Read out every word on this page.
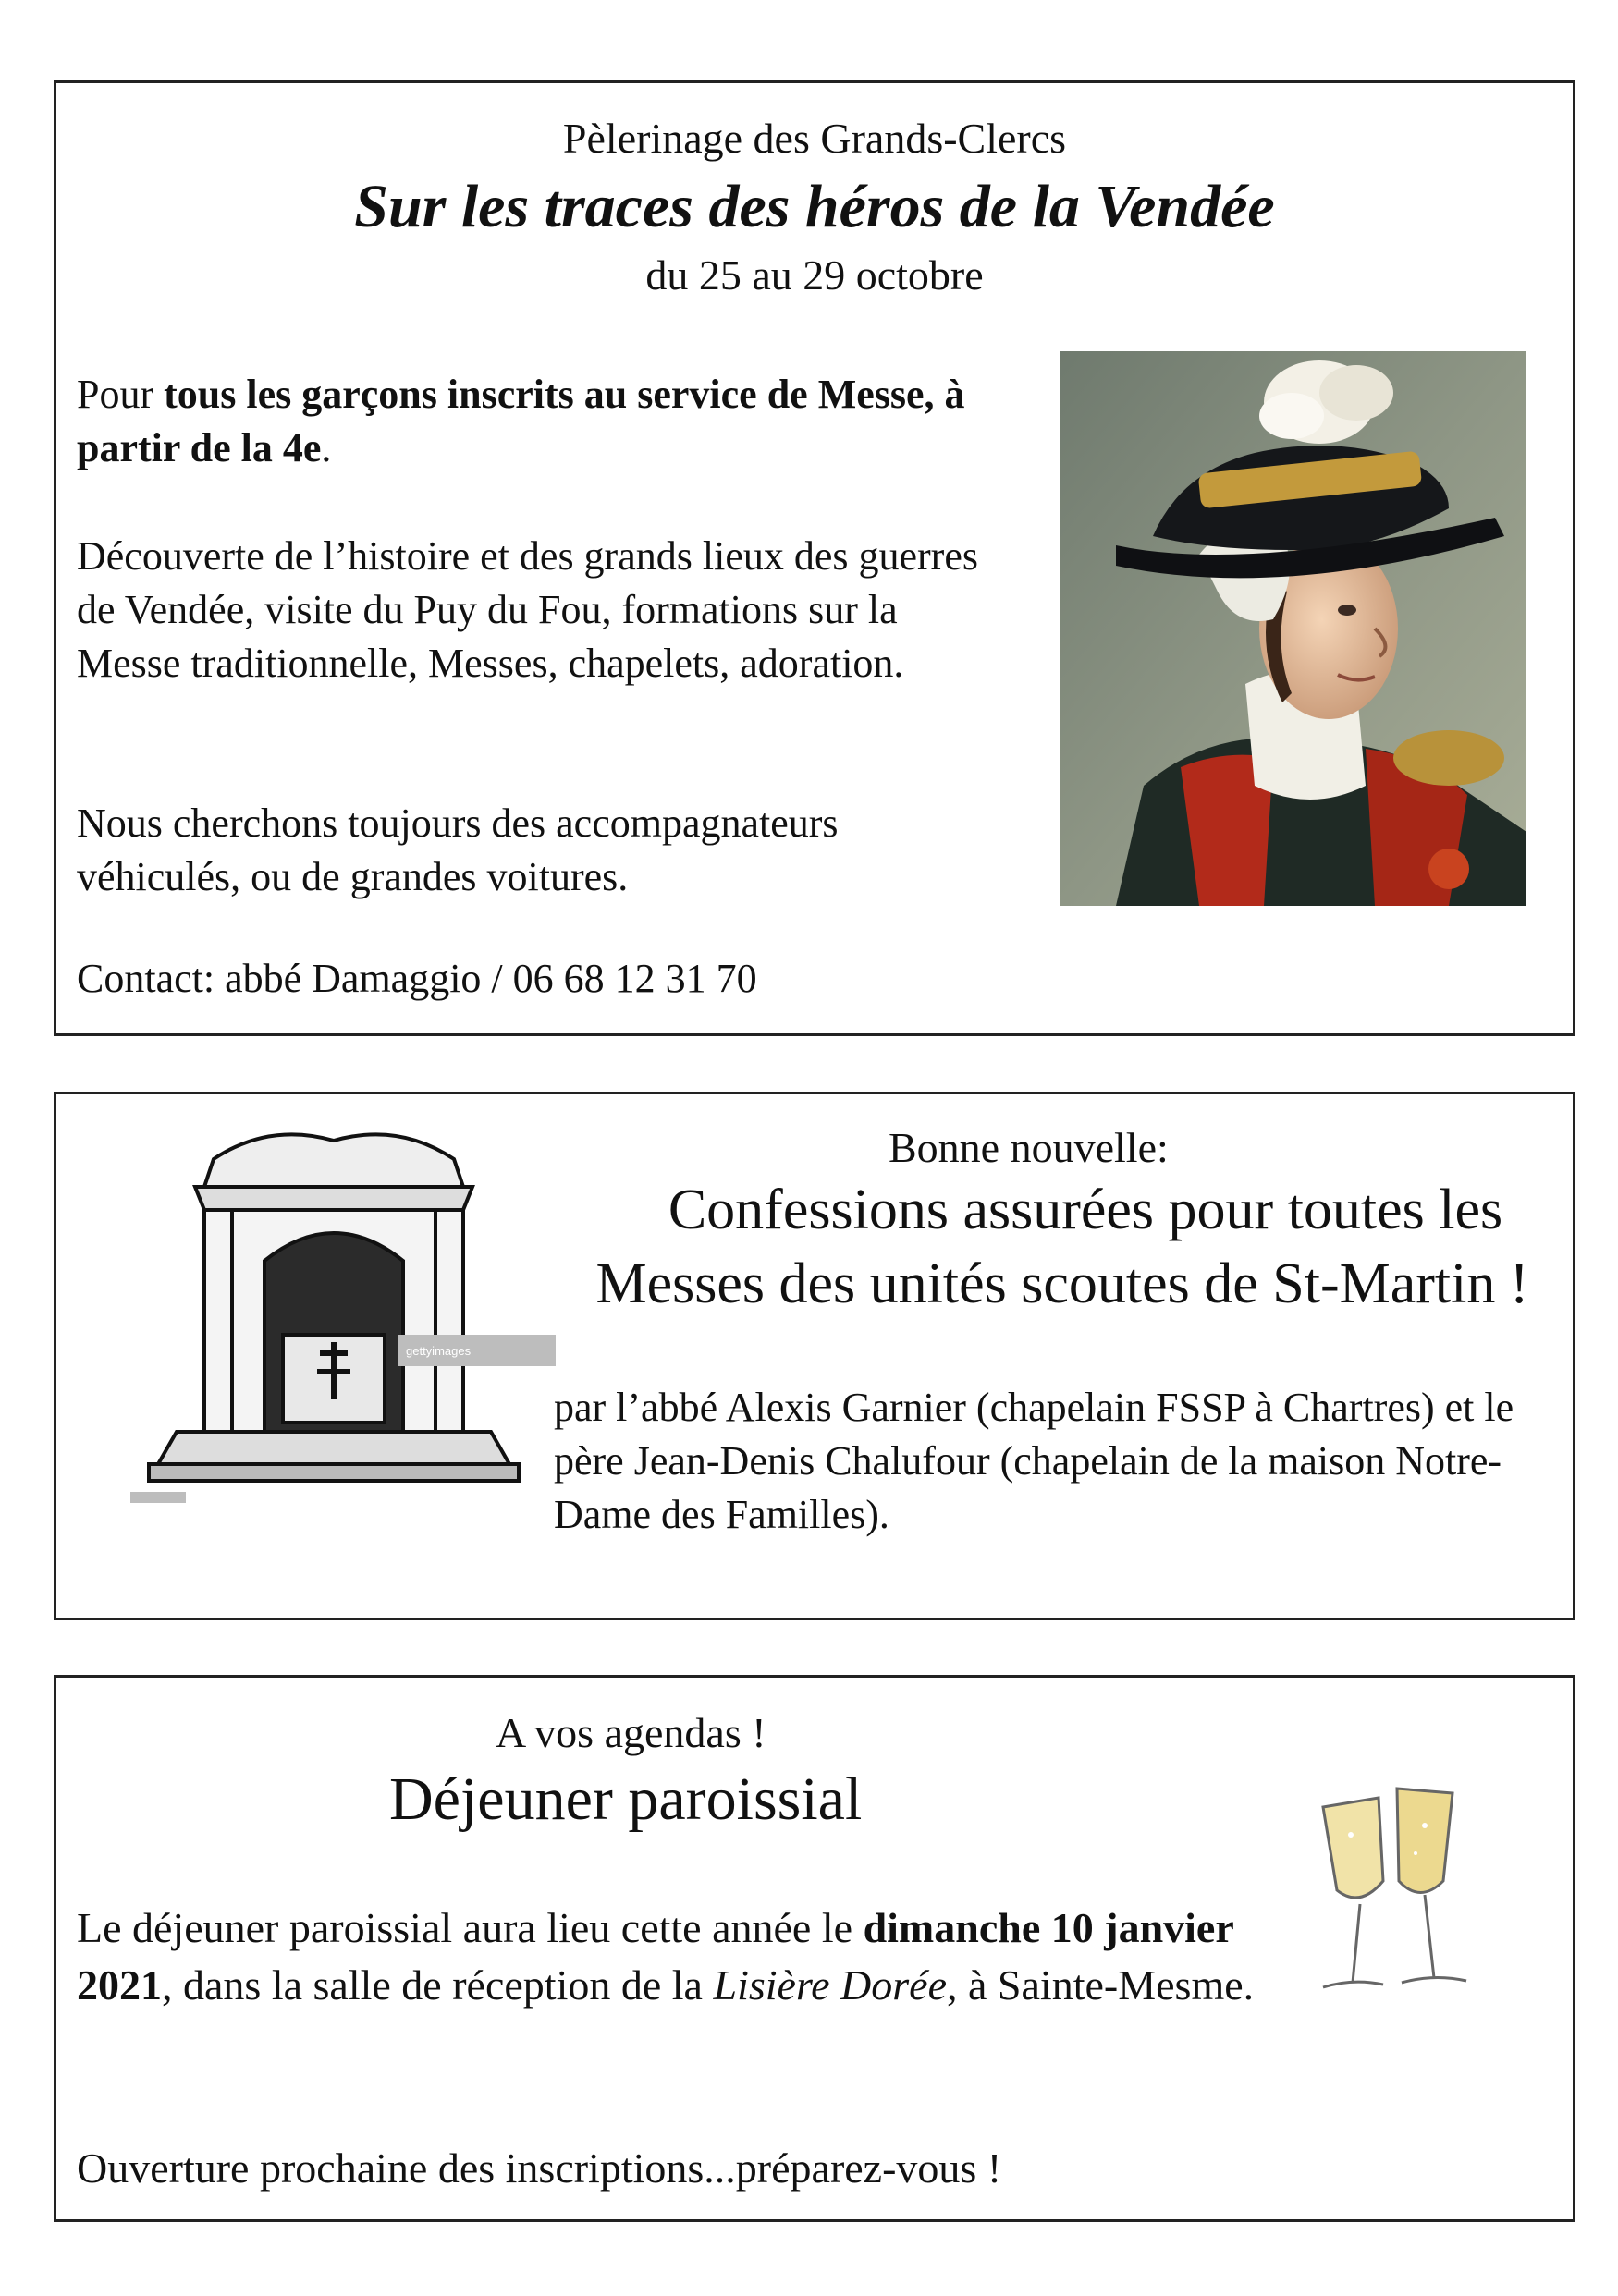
Pèlerinage des Grands-Clercs
Sur les traces des héros de la Vendée
du 25 au 29 octobre

Pour tous les garçons inscrits au service de Messe, à partir de la 4e.

Découverte de l’histoire et des grands lieux des guerres de Vendée, visite du Puy du Fou, formations sur la Messe traditionnelle, Messes, chapelets, adoration.

Nous cherchons toujours des accompagnateurs véhiculés, ou de grandes voitures.

Contact: abbé Damaggio / 06 68 12 31 70

gettyimages
Bonne nouvelle:
Confessions assurées pour toutes les
Messes des unités scoutes de St-Martin !

par l’abbé Alexis Garnier (chapelain FSSP à Chartres) et le père Jean-Denis Chalufour (chapelain de la maison Notre-Dame des Familles).

A vos agendas !
Déjeuner paroissial

Le déjeuner paroissial aura lieu cette année le dimanche 10 janvier 2021, dans la salle de réception de la Lisière Dorée, à Sainte-Mesme.

Ouverture prochaine des inscriptions...préparez-vous !
